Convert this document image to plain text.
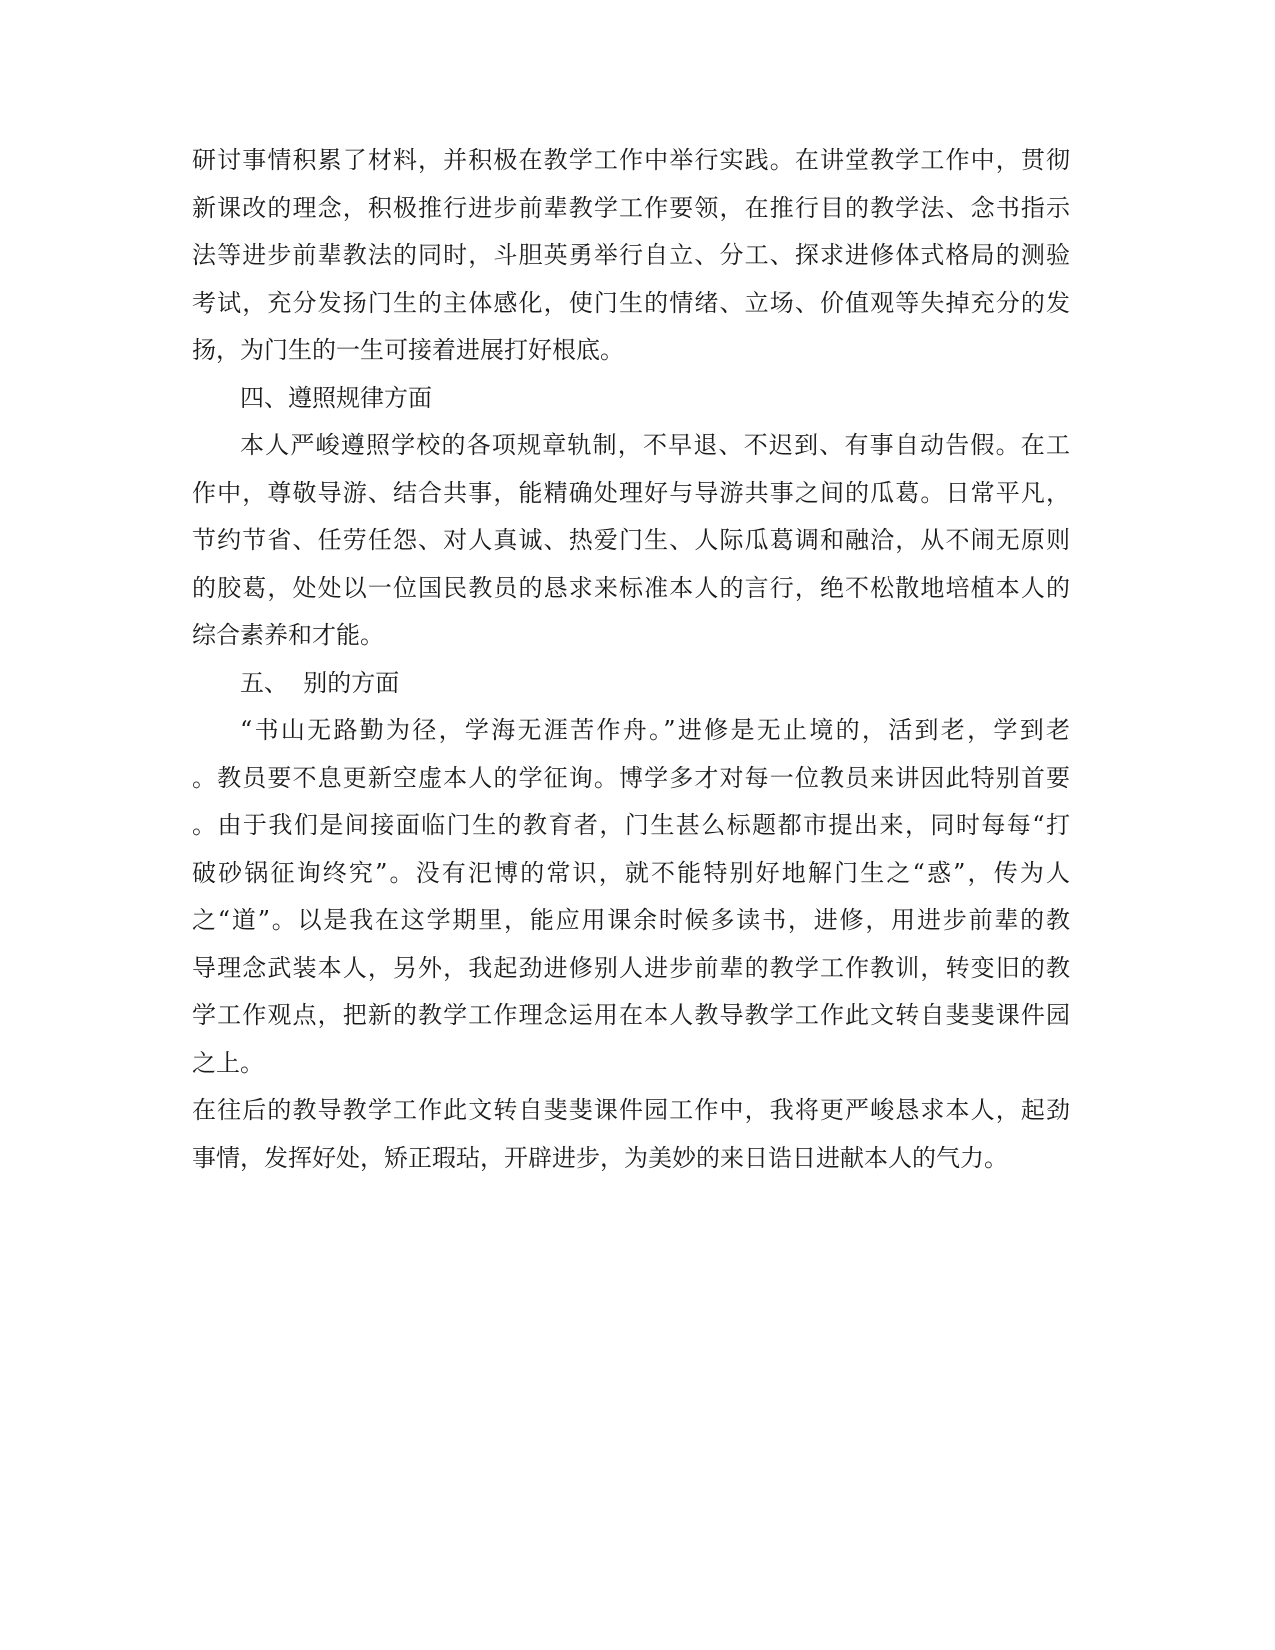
研讨事情积累了材料，并积极在教学工作中举行实践。在讲堂教学工作中，贯彻
新课改的理念，积极推行进步前辈教学工作要领，在推行目的教学法、念书指示
法等进步前辈教法的同时，斗胆英勇举行自立、分工、探求进修体式格局的测验
考试，充分发扬门生的主体感化，使门生的情绪、立场、价值观等失掉充分的发
扬，为门生的一生可接着进展打好根底。

四、遵照规律方面

本人严峻遵照学校的各项规章轨制，不早退、不迟到、有事自动告假。在工
作中，尊敬导游、结合共事，能精确处理好与导游共事之间的瓜葛。日常平凡，
节约节省、任劳任怨、对人真诚、热爱门生、人际瓜葛调和融洽，从不闹无原则
的胶葛，处处以一位国民教员的恳求来标准本人的言行，绝不松散地培植本人的
综合素养和才能。

五、  别的方面

“书山无路勤为径，学海无涯苦作舟。”进修是无止境的，活到老，学到老
。教员要不息更新空虚本人的学征询。博学多才对每一位教员来讲因此特别首要
。由于我们是间接面临门生的教育者，门生甚么标题都市提出来，同时每每“打
破砂锅征询终究”。没有汜博的常识，就不能特别好地解门生之“惑”，传为人
之“道”。以是我在这学期里，能应用课余时候多读书，进修，用进步前辈的教
导理念武装本人，另外，我起劲进修别人进步前辈的教学工作教训，转变旧的教
学工作观点，把新的教学工作理念运用在本人教导教学工作此文转自斐斐课件园
之上。

在往后的教导教学工作此文转自斐斐课件园工作中，我将更严峻恳求本人，起劲
事情，发挥好处，矫正瑕玷，开辟进步，为美妙的来日诰日进献本人的气力。
